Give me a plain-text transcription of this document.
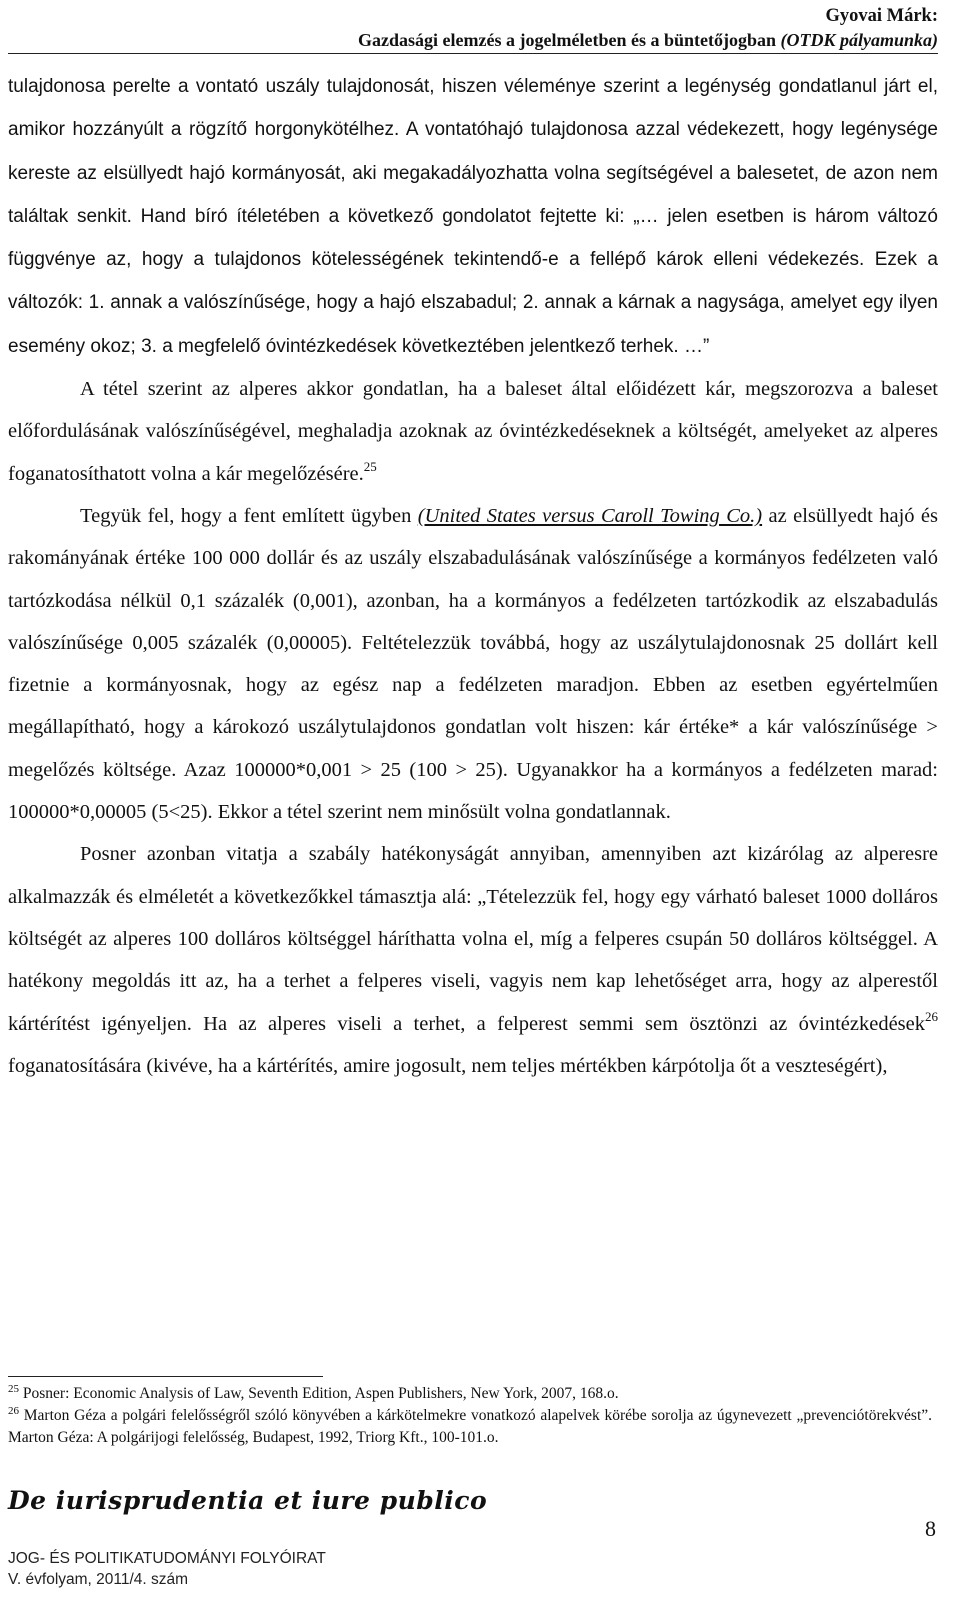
Gyovai Márk:
Gazdasági elemzés a jogelméletben és a büntetőjogban (OTDK pályamunka)

tulajdonosa perelte a vontató uszály tulajdonosát, hiszen véleménye szerint a legénység gondatlanul járt el, amikor hozzányúlt a rögzítő horgonykötélhez. A vontatóhajó tulajdonosa azzal védekezett, hogy legénysége kereste az elsüllyedt hajó kormányosát, aki megakadályozhatta volna segítségével a balesetet, de azon nem találtak senkit. Hand bíró ítéletében a következő gondolatot fejtette ki: „… jelen esetben is három változó függvénye az, hogy a tulajdonos kötelességének tekintendő-e a fellépő károk elleni védekezés. Ezek a változók: 1. annak a valószínűsége, hogy a hajó elszabadul; 2. annak a kárnak a nagysága, amelyet egy ilyen esemény okoz; 3. a megfelelő óvintézkedések következtében jelentkező terhek. …”

A tétel szerint az alperes akkor gondatlan, ha a baleset által előidézett kár, megszorozva a baleset előfordulásának valószínűségével, meghaladja azoknak az óvintézkedéseknek a költségét, amelyeket az alperes foganatosíthatott volna a kár megelőzésére.$^{25}$

Tegyük fel, hogy a fent említett ügyben (United States versus Caroll Towing Co.) az elsüllyedt hajó és rakományának értéke 100 000 dollár és az uszály elszabadulásának valószínűsége a kormányos fedélzeten való tartózkodása nélkül 0,1 százalék (0,001), azonban, ha a kormányos a fedélzeten tartózkodik az elszabadulás valószínűsége 0,005 százalék (0,00005). Feltételezzük továbbá, hogy az uszálytulajdonosnak 25 dollárt kell fizetnie a kormányosnak, hogy az egész nap a fedélzeten maradjon. Ebben az esetben egyértelműen megállapítható, hogy a károkozó uszálytulajdonos gondatlan volt hiszen: kár értéke* a kár valószínűsége > megelőzés költsége. Azaz 100000*0,001 > 25 (100 > 25). Ugyanakkor ha a kormányos a fedélzeten marad: 100000*0,00005 (5<25). Ekkor a tétel szerint nem minősült volna gondatlannak.

Posner azonban vitatja a szabály hatékonyságát annyiban, amennyiben azt kizárólag az alperesre alkalmazzák és elméletét a következőkkel támasztja alá: „Tételezzük fel, hogy egy várható baleset 1000 dolláros költségét az alperes 100 dolláros költséggel háríthatta volna el, míg a felperes csupán 50 dolláros költséggel. A hatékony megoldás itt az, ha a terhet a felperes viseli, vagyis nem kap lehetőséget arra, hogy az alperestől kártérítést igényeljen. Ha az alperes viseli a terhet, a felperest semmi sem ösztönzi az óvintézkedések$^{26}$ foganatosítására (kivéve, ha a kártérítés, amire jogosult, nem teljes mértékben kárpótolja őt a veszteségért),

$^{25}$ Posner: Economic Analysis of Law, Seventh Edition, Aspen Publishers, New York, 2007, 168.o.

$^{26}$ Marton Géza a polgári felelősségről szóló könyvében a kárkötelmekre vonatkozó alapelvek körébe sorolja az úgynevezett „prevenciótörekvést”. Marton Géza: A polgárijogi felelősség, Budapest, 1992, Triorg Kft., 100-101.o.

De iurisprudentia et iure publico
8
JOG- ÉS POLITIKATUDOMÁNYI FOLYÓIRAT
V. évfolyam, 2011/4. szám
